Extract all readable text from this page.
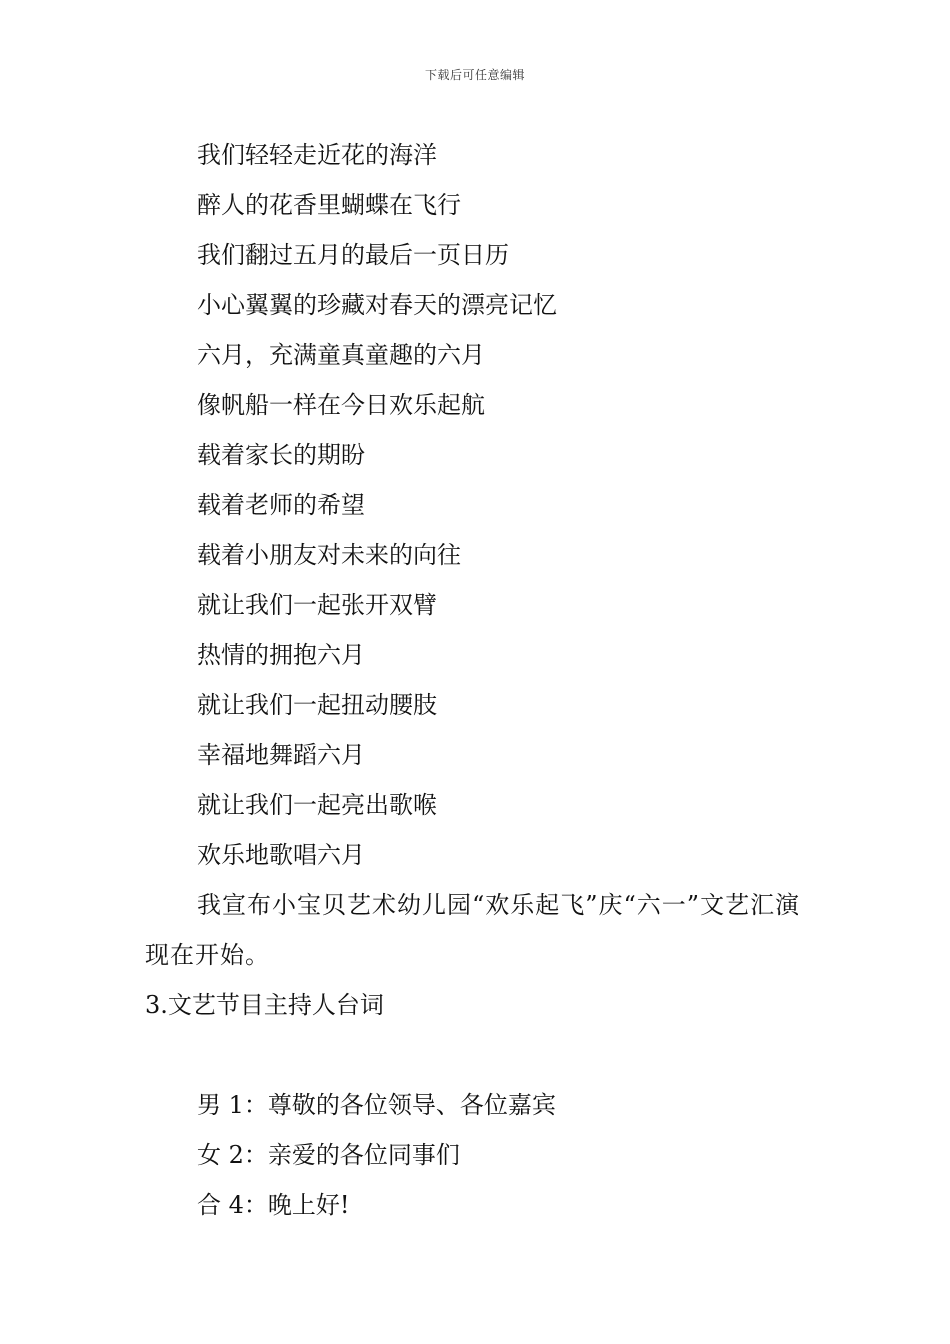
下载后可任意编辑
我们轻轻走近花的海洋
醉人的花香里蝴蝶在飞行
我们翻过五月的最后一页日历
小心翼翼的珍藏对春天的漂亮记忆
六月，充满童真童趣的六月
像帆船一样在今日欢乐起航
载着家长的期盼
载着老师的希望
载着小朋友对未来的向往
就让我们一起张开双臂
热情的拥抱六月
就让我们一起扭动腰肢
幸福地舞蹈六月
就让我们一起亮出歌喉
欢乐地歌唱六月
我宣布小宝贝艺术幼儿园“欢乐起飞”庆“六一”文艺汇演现在开始。
3.文艺节目主持人台词
男 1：尊敬的各位领导、各位嘉宾
女 2：亲爱的各位同事们
合 4：晚上好!
